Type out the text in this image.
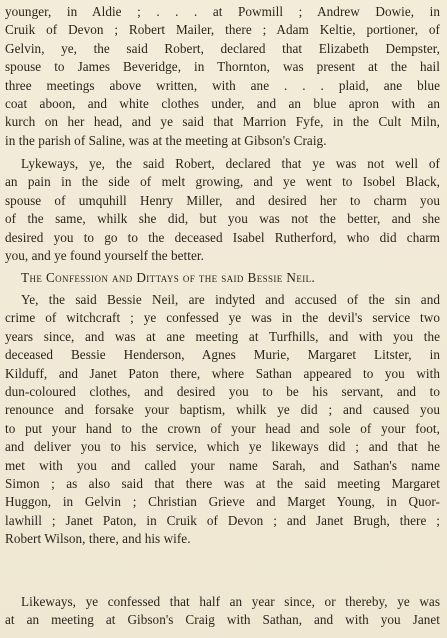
younger, in Aldie ; . . . at Powmill ; Andrew Dowie, in
Cruik of Devon ; Robert Mailer, there ; Adam Keltie, portioner, of
Gelvin, ye, the said Robert, declared that Elizabeth Dempster,
spouse to James Beveridge, in Thornton, was present at the hail
three meetings above written, with ane . . . plaid, ane blue
coat aboon, and white clothes under, and an blue apron with an
kurch on her head, and ye said that Marrion Fyfe, in the Cult Miln,
in the parish of Saline, was at the meeting at Gibson's Craig.
Lykeways, ye, the said Robert, declared that ye was not well of
an pain in the side of melt growing, and ye went to Isobel Black,
spouse of umquhill Henry Miller, and desired her to charm you
of the same, whilk she did, but you was not the better, and she
desired you to go to the deceased Isabel Rutherford, who did charm
you, and ye found yourself the better.
The Confession and Dittays of the said Bessie Neil.
Ye, the said Bessie Neil, are indyted and accused of the sin and
crime of witchcraft ; ye confessed ye was in the devil's service two
years since, and was at ane meeting at Turfhills, and with you the
deceased Bessie Henderson, Agnes Murie, Margaret Litster, in
Kilduff, and Janet Paton there, where Sathan appeared to you with
dun-coloured clothes, and desired you to be his servant, and to
renounce and forsake your baptism, whilk ye did ; and caused you
to put your hand to the crown of your head and sole of your foot,
and deliver you to his service, which ye likeways did ; and that he
met with you and called your name Sarah, and Sathan's name
Simon ; as also said that there was at the said meeting Margaret
Huggon, in Gelvin ; Christian Grieve and Marget Young, in Quor-
lawhill ; Janet Paton, in Cruik of Devon ; and Janet Brugh, there ;
Robert Wilson, there, and his wife.
Likeways, ye confessed that half an year since, or thereby, ye was
at an meeting at Gibson's Craig with Sathan, and with you Janet
